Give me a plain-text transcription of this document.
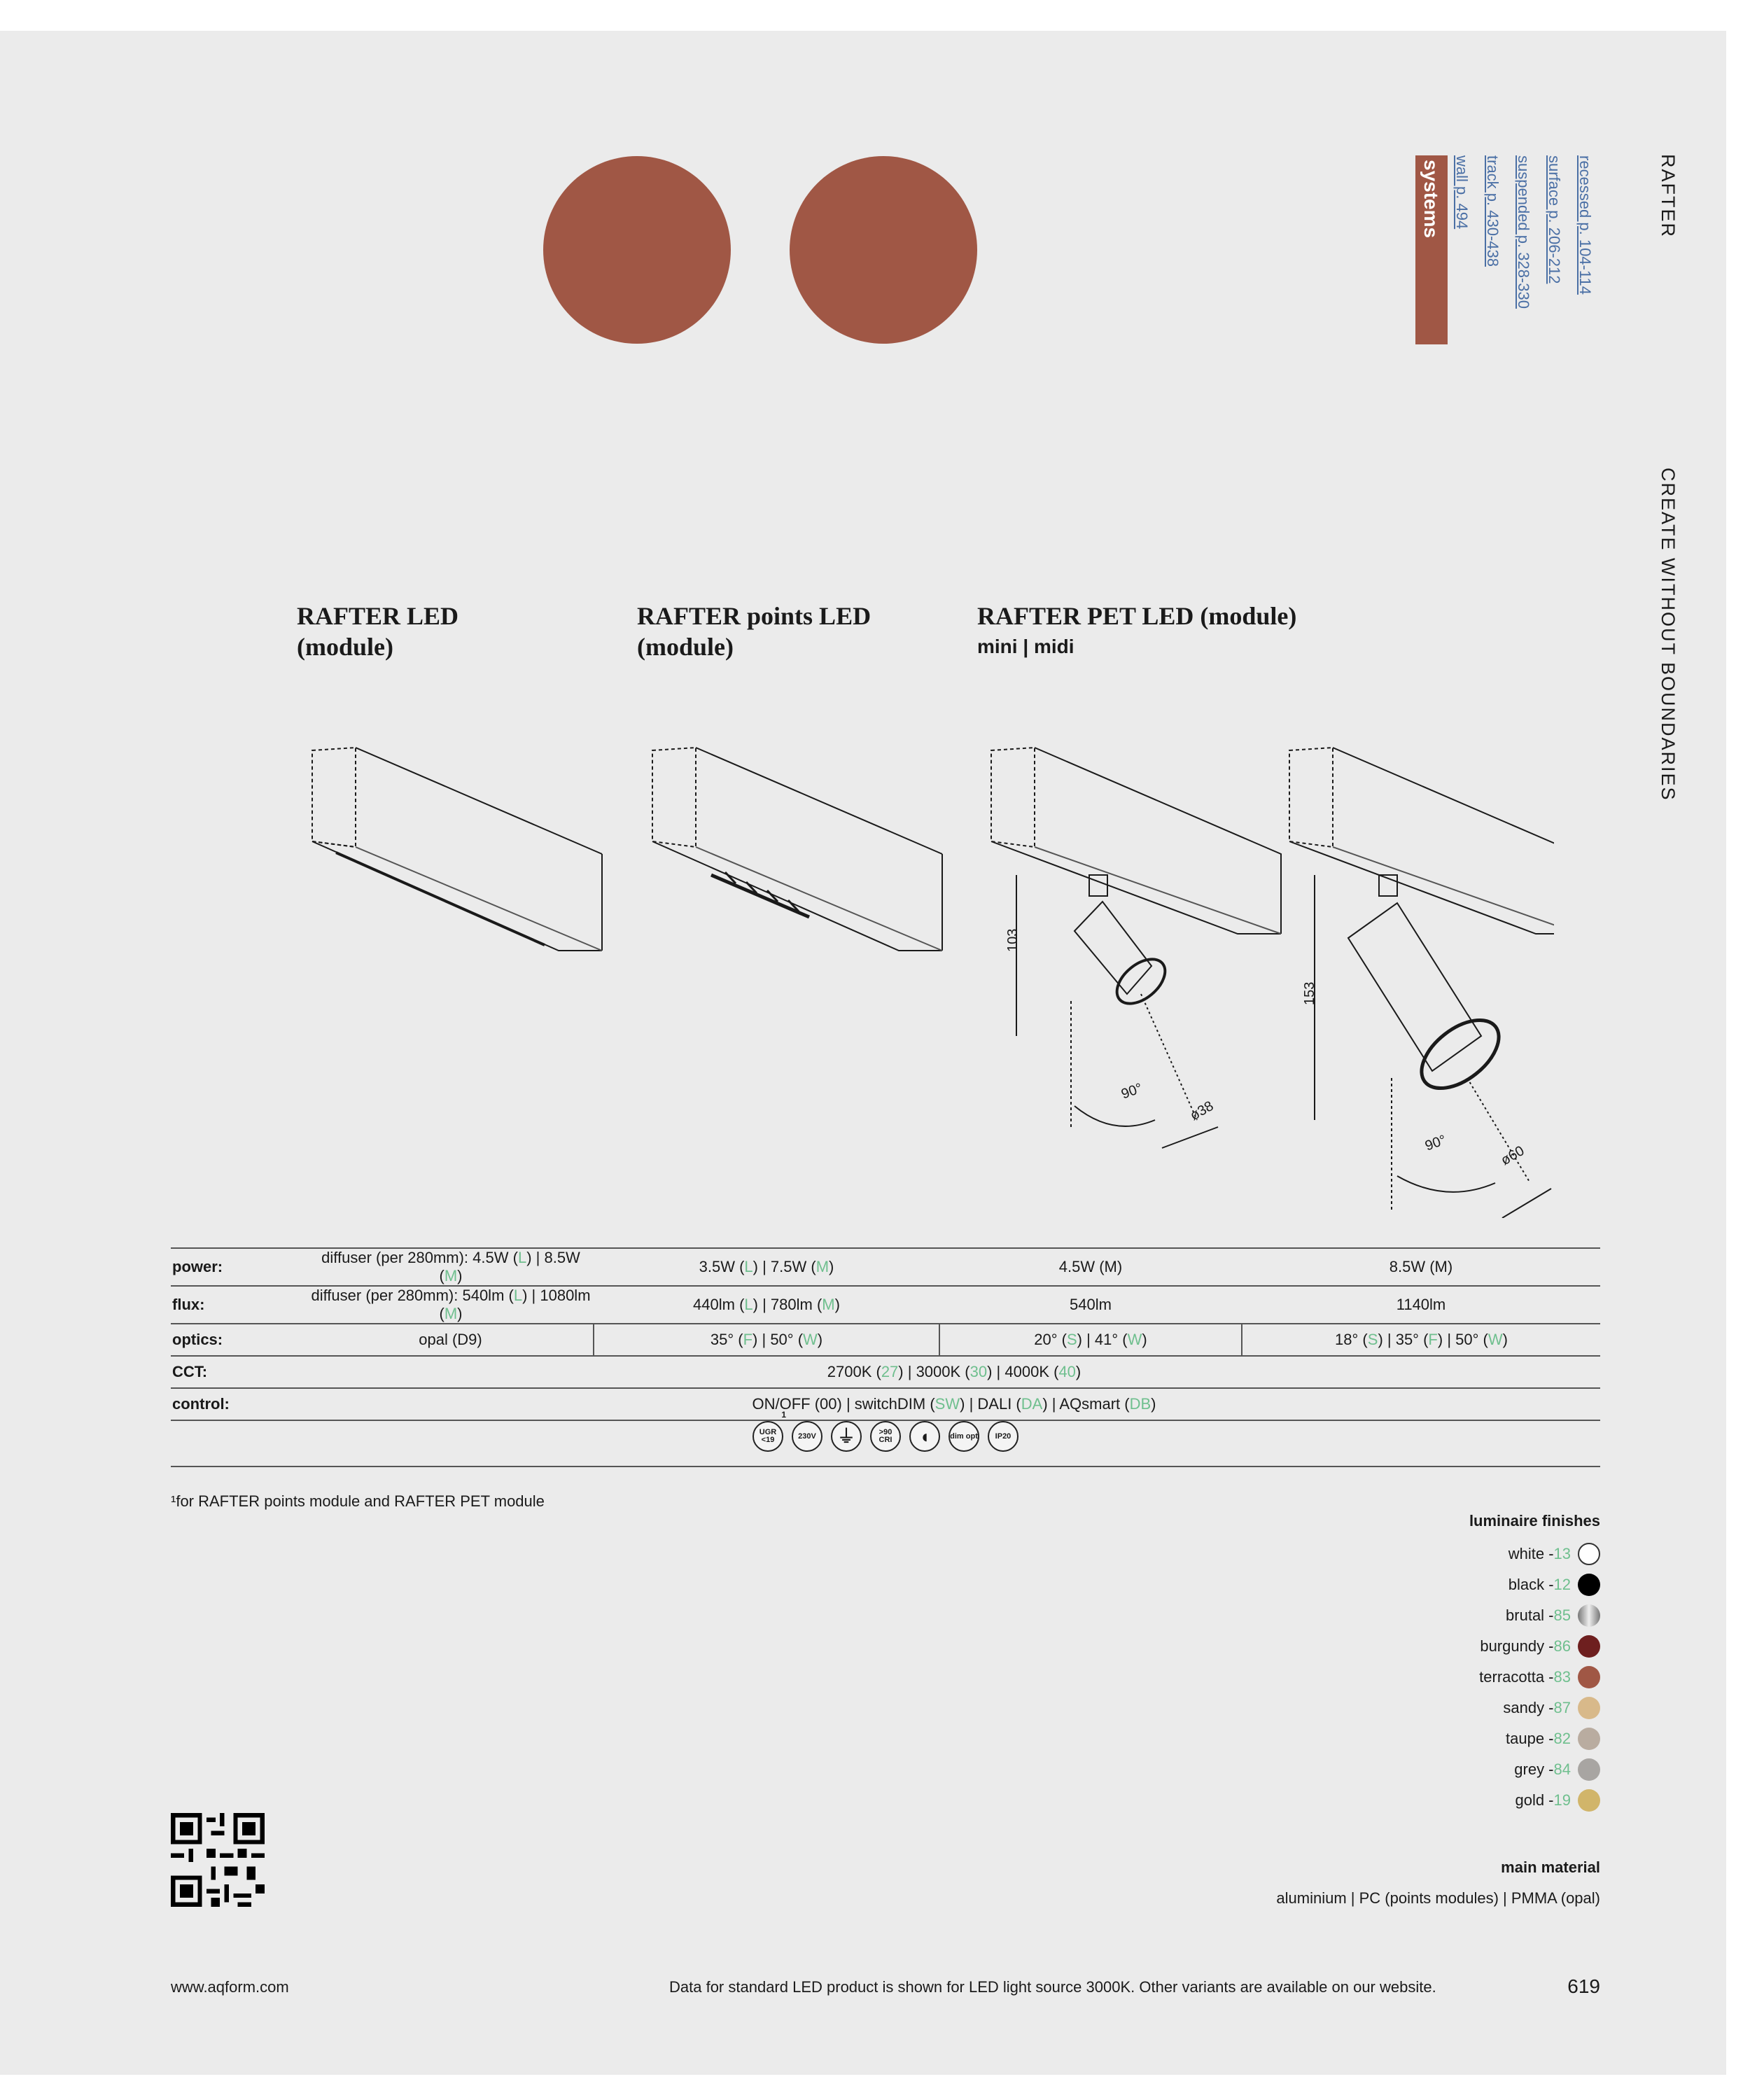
RAFTER
CREATE WITHOUT BOUNDARIES
systems	recessed p. 104-114
surface p. 206-212
suspended p. 328-330
track p. 430-438
wall p. 494
RAFTER LED
(module)
RAFTER points LED
(module)
RAFTER PET LED (module)
mini | midi
103
90°
ø38
153
90°	ø60
power:	diffuser (per 280mm): 4.5W (L) | 8.5W (M)	3.5W (L) | 7.5W (M)	4.5W (M)	8.5W (M)
flux:	diffuser (per 280mm): 540lm (L) | 1080lm (M)	440lm (L) | 780lm (M)	540lm	1140lm
optics:	opal (D9)	35° (F) | 50° (W)	20° (S) | 41° (W)	18° (S) | 35° (F) | 50° (W)
CCT:	2700K (27) | 3000K (30) | 4000K (40)			
control:	ON/OFF (00) | switchDIM (SW) | DALI (DA) | AQsmart (DB)			
UGR <19
1
230V	⏚	>90 CRI	◖	dim opt	IP20
¹for RAFTER points module and RAFTER PET module
luminaire finishes
white - 13
black - 12
brutal - 85
burgundy - 86
terracotta - 83
sandy - 87
taupe - 82
grey - 84
gold - 19
main material
aluminium | PC (points modules) | PMMA (opal)
www.aqform.com	Data for standard LED product is shown for LED light source 3000K. Other variants are available on our website.	619
